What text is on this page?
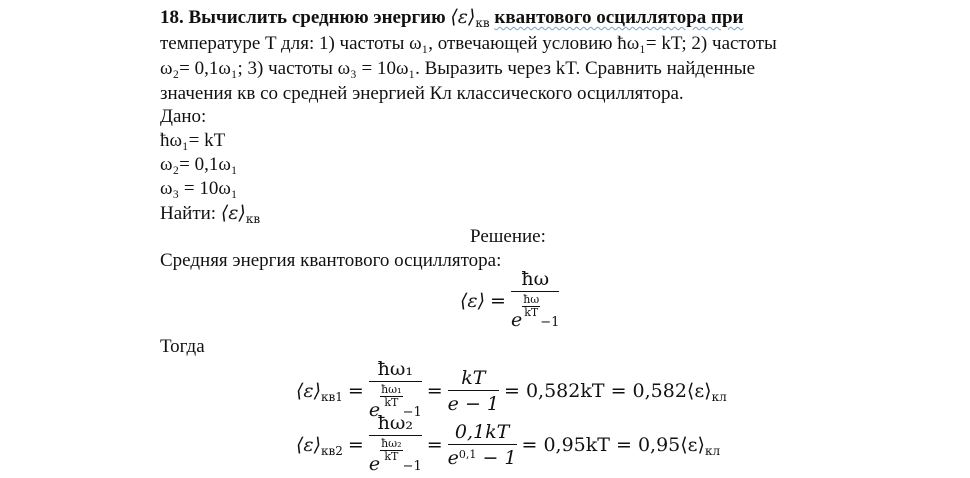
18. Вычислить среднюю энергию $⟨\varepsilon⟩_{кв}$ квантового осциллятора при
температуре T для: 1) частоты ω₁, отвечающей условию ħω₁= kT; 2) частоты
ω₂= 0,1ω₁; 3) частоты ω₃ = 10ω₁. Выразить через kT. Сравнить найденные
значения кв со средней энергией Кл классического осциллятора.
Дано:
ħω₁= kT
ω₂= 0,1ω₁
ω₃ = 10ω₁
Найти: $⟨\varepsilon⟩_{кв}$
Решение:
Средняя энергия квантового осциллятора:
⟨ε⟩ = ħω
e
$\frac{ħ\omega}{kT}$
−1
Тогда
$⟨\varepsilon⟩_{кв1}$ = ħω₁
e
$\frac{\text{ħω₁}}{kT}$
$-1 = \frac{kT}{e - 1} = 0,582kT$ = $0,582⟨\varepsilon⟩_{кл}$
$⟨\varepsilon⟩_{кв2}$ = ħω₂
e
$\frac{\text{ħω₂}}{kT}$
$-1 = \frac{0,1kT}{e^{0,1} - 1} = 0,95kT$ = $0,95⟨\varepsilon⟩_{кл}$
